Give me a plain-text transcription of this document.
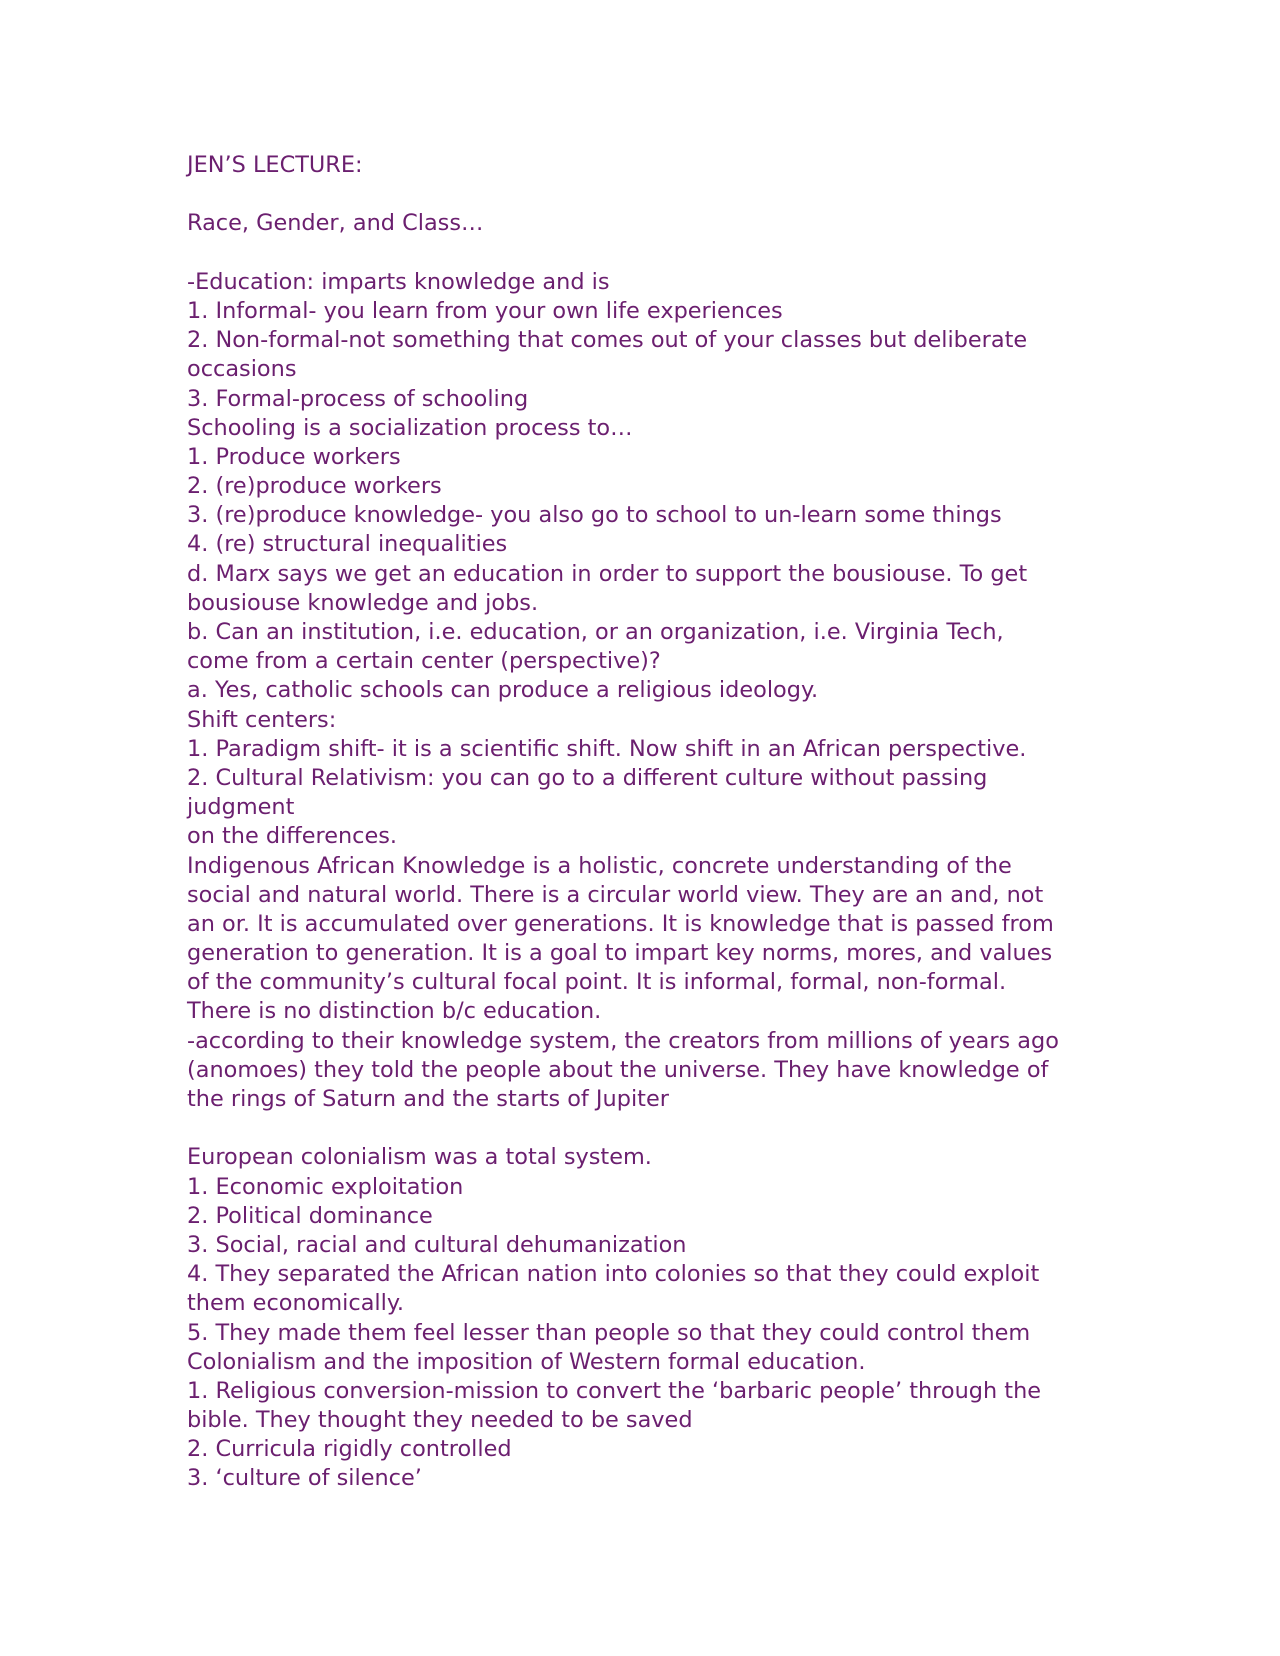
JEN’S LECTURE:
Race, Gender, and Class…
-Education: imparts knowledge and is
1. Informal- you learn from your own life experiences
2. Non-formal-not something that comes out of your classes but deliberate
occasions
3. Formal-process of schooling
Schooling is a socialization process to…
1. Produce workers
2. (re)produce workers
3. (re)produce knowledge- you also go to school to un-learn some things
4. (re) structural inequalities
d. Marx says we get an education in order to support the bousiouse. To get
bousiouse knowledge and jobs.
b. Can an institution, i.e. education, or an organization, i.e. Virginia Tech,
come from a certain center (perspective)?
a. Yes, catholic schools can produce a religious ideology.
Shift centers:
1. Paradigm shift- it is a scientific shift. Now shift in an African perspective.
2. Cultural Relativism: you can go to a different culture without passing
judgment
on the differences.
Indigenous African Knowledge is a holistic, concrete understanding of the
social and natural world. There is a circular world view. They are an and, not
an or. It is accumulated over generations. It is knowledge that is passed from
generation to generation. It is a goal to impart key norms, mores, and values
of the community’s cultural focal point. It is informal, formal, non-formal.
There is no distinction b/c education.
-according to their knowledge system, the creators from millions of years ago
(anomoes) they told the people about the universe. They have knowledge of
the rings of Saturn and the starts of Jupiter
European colonialism was a total system.
1. Economic exploitation
2. Political dominance
3. Social, racial and cultural dehumanization
4. They separated the African nation into colonies so that they could exploit
them economically.
5. They made them feel lesser than people so that they could control them
Colonialism and the imposition of Western formal education.
1. Religious conversion-mission to convert the ‘barbaric people’ through the
bible. They thought they needed to be saved
2. Curricula rigidly controlled
3. ‘culture of silence’
